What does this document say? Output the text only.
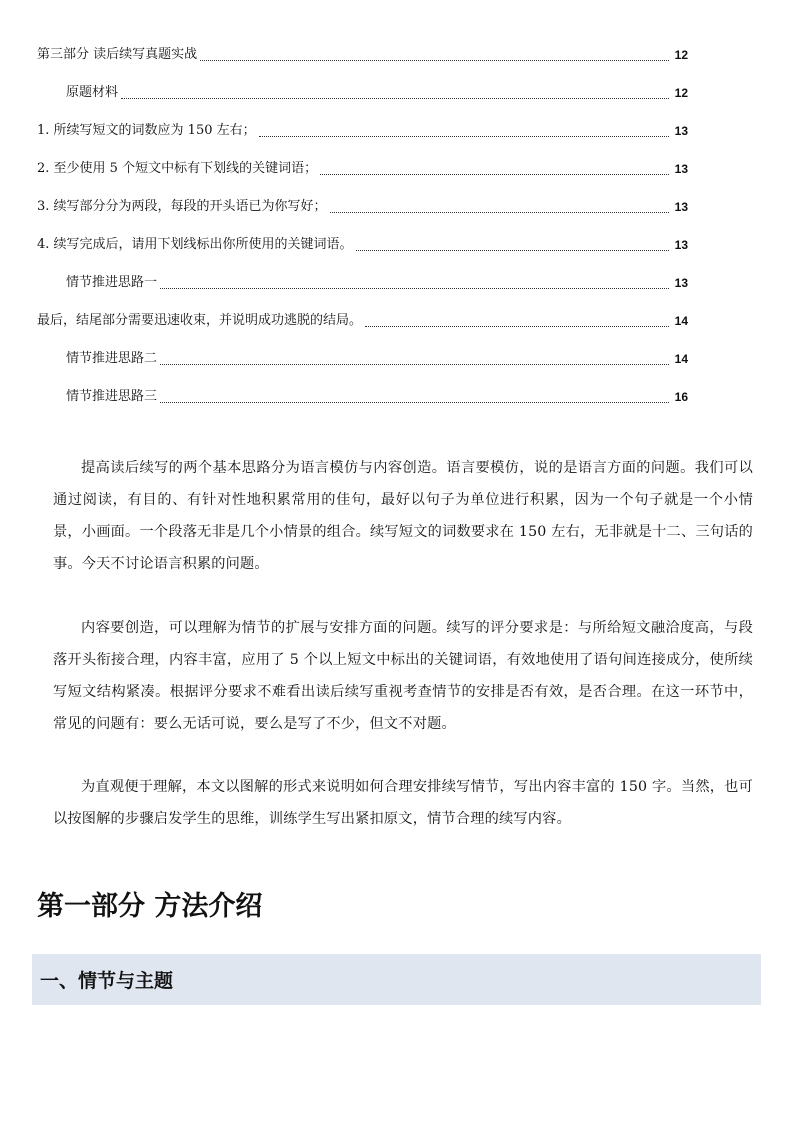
第三部分 读后续写真题实战	12
原题材料	12
1. 所续写短文的词数应为 150 左右；	13
2. 至少使用 5 个短文中标有下划线的关键词语；	13
3. 续写部分分为两段，每段的开头语已为你写好；	13
4. 续写完成后，请用下划线标出你所使用的关键词语。	13
情节推进思路一	13
最后，结尾部分需要迅速收束，并说明成功逃脱的结局。	14
情节推进思路二	14
情节推进思路三	16

提高读后续写的两个基本思路分为语言模仿与内容创造。语言要模仿，说的是语言方面的问题。我们可以通过阅读，有目的、有针对性地积累常用的佳句，最好以句子为单位进行积累，因为一个句子就是一个小情景，小画面。一个段落无非是几个小情景的组合。续写短文的词数要求在 150 左右，无非就是十二、三句话的事。今天不讨论语言积累的问题。

内容要创造，可以理解为情节的扩展与安排方面的问题。续写的评分要求是：与所给短文融洽度高，与段落开头衔接合理，内容丰富，应用了 5 个以上短文中标出的关键词语，有效地使用了语句间连接成分，使所续写短文结构紧凑。根据评分要求不难看出读后续写重视考查情节的安排是否有效，是否合理。在这一环节中，常见的问题有：要么无话可说，要么是写了不少，但文不对题。

为直观便于理解，本文以图解的形式来说明如何合理安排续写情节，写出内容丰富的 150 字。当然，也可以按图解的步骤启发学生的思维，训练学生写出紧扣原文，情节合理的续写内容。

第一部分 方法介绍
一、情节与主题
